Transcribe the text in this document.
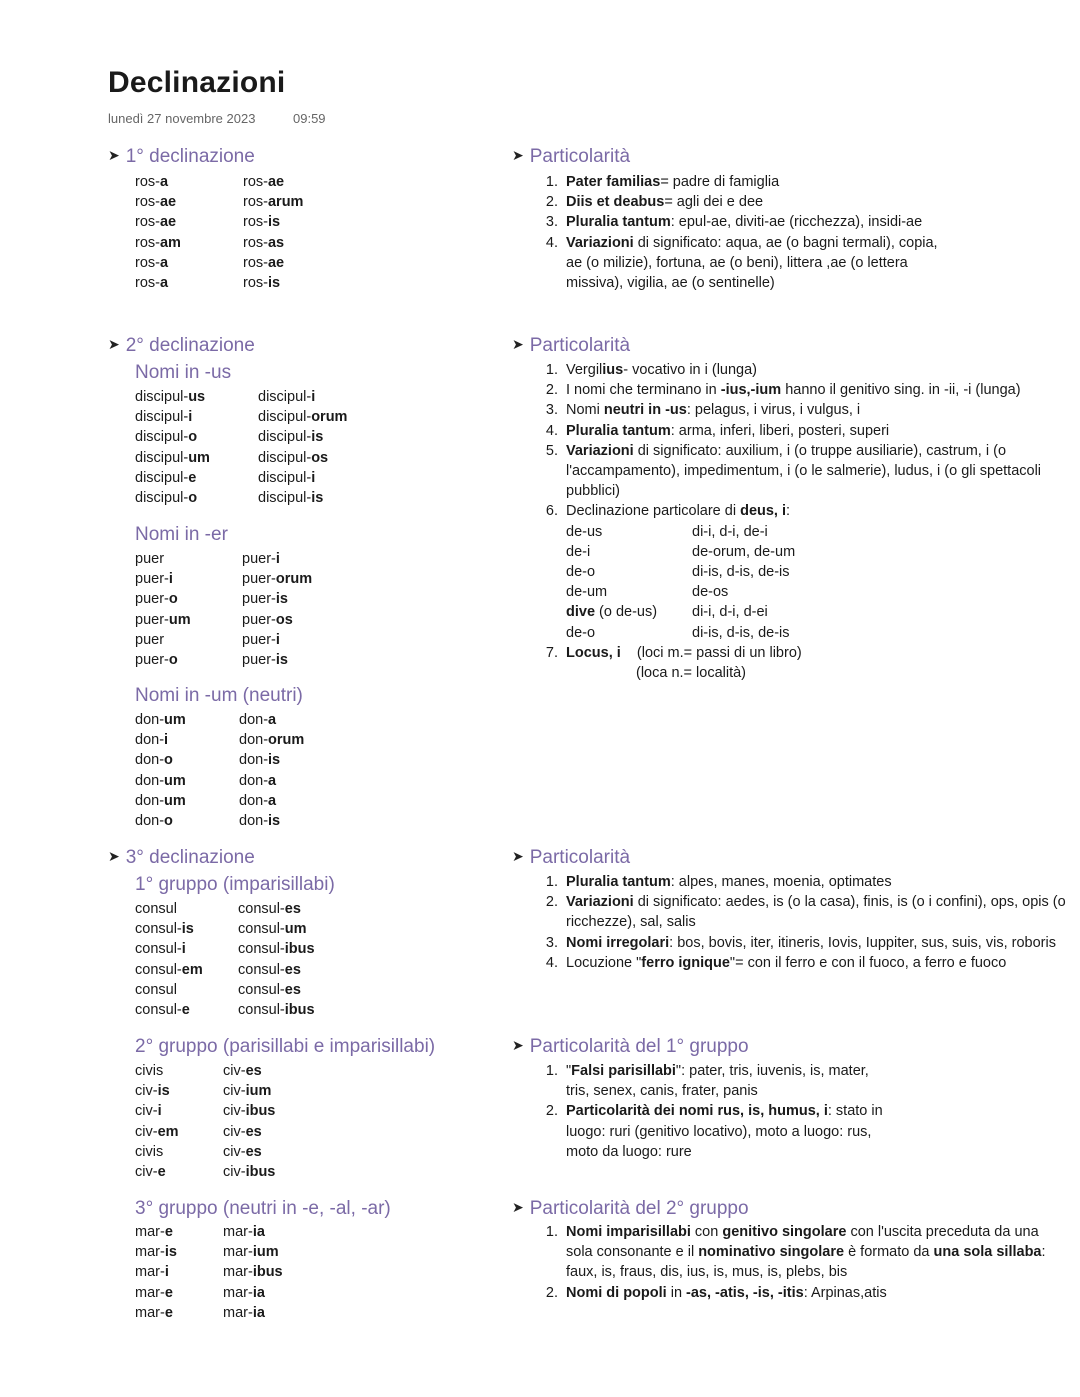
Declinazioni
lunedì 27 novembre 2023	09:59
➤ 1° declinazione
ros-a	ros-ae
ros-ae	ros-arum
ros-ae	ros-is
ros-am	ros-as
ros-a	ros-ae
ros-a	ros-is
➤ Particolarità
1. Pater familias= padre di famiglia
2. Diis et deabus= agli dei e dee
3. Pluralia tantum: epul-ae, diviti-ae (ricchezza), insidi-ae
4. Variazioni di significato: aqua, ae (o bagni termali), copia, ae (o milizie), fortuna, ae (o beni), littera ,ae (o lettera missiva), vigilia, ae (o sentinelle)
➤ 2° declinazione
Nomi in -us
discipul-us	discipul-i
discipul-i	discipul-orum
discipul-o	discipul-is
discipul-um	discipul-os
discipul-e	discipul-i
discipul-o	discipul-is
Nomi in -er
puer	puer-i
puer-i	puer-orum
puer-o	puer-is
puer-um	puer-os
puer	puer-i
puer-o	puer-is
Nomi in -um (neutri)
don-um	don-a
don-i	don-orum
don-o	don-is
don-um	don-a
don-um	don-a
don-o	don-is
➤ Particolarità
1. Vergilius- vocativo in i (lunga)
2. I nomi che terminano in -ius,-ium hanno il genitivo sing. in -ii, -i (lunga)
3. Nomi neutri in -us: pelagus, i virus, i vulgus, i
4. Pluralia tantum: arma, inferi, liberi, posteri, superi
5. Variazioni di significato: auxilium, i (o truppe ausiliarie), castrum, i (o l'accampamento), impedimentum, i (o le salmerie), ludus, i (o gli spettacoli pubblici)
6. Declinazione particolare di deus, i:
de-us	di-i, d-i, de-i
de-i	de-orum, de-um
de-o	di-is, d-is, de-is
de-um	de-os
dive (o de-us)	di-i, d-i, d-ei
de-o	di-is, d-is, de-is
7. Locus, i (loci m.= passi di un libro)
(loca n.= località)
➤ 3° declinazione
1° gruppo (imparisillabi)
consul	consul-es
consul-is	consul-um
consul-i	consul-ibus
consul-em	consul-es
consul	consul-es
consul-e	consul-ibus
2° gruppo (parisillabi e imparisillabi)
civis	civ-es
civ-is	civ-ium
civ-i	civ-ibus
civ-em	civ-es
civis	civ-es
civ-e	civ-ibus
3° gruppo (neutri in -e, -al, -ar)
mar-e	mar-ia
mar-is	mar-ium
mar-i	mar-ibus
mar-e	mar-ia
mar-e	mar-ia
➤ Particolarità
1. Pluralia tantum: alpes, manes, moenia, optimates
2. Variazioni di significato: aedes, is (o la casa), finis, is (o i confini), ops, opis (o ricchezze), sal, salis
3. Nomi irregolari: bos, bovis, iter, itineris, Iovis, Iuppiter, sus, suis, vis, roboris
4. Locuzione "ferro ignique"= con il ferro e con il fuoco, a ferro e fuoco
➤ Particolarità del 1° gruppo
1. "Falsi parisillabi": pater, tris, iuvenis, is, mater, tris, senex, canis, frater, panis
2. Particolarità dei nomi rus, is, humus, i: stato in luogo: ruri (genitivo locativo), moto a luogo: rus, moto da luogo: rure
➤ Particolarità del 2° gruppo
1. Nomi imparisillabi con genitivo singolare con l'uscita preceduta da una sola consonante e il nominativo singolare è formato da una sola sillaba: faux, is, fraus, dis, ius, is, mus, is, plebs, bis
2. Nomi di popoli in -as, -atis, -is, -itis: Arpinas,atis
